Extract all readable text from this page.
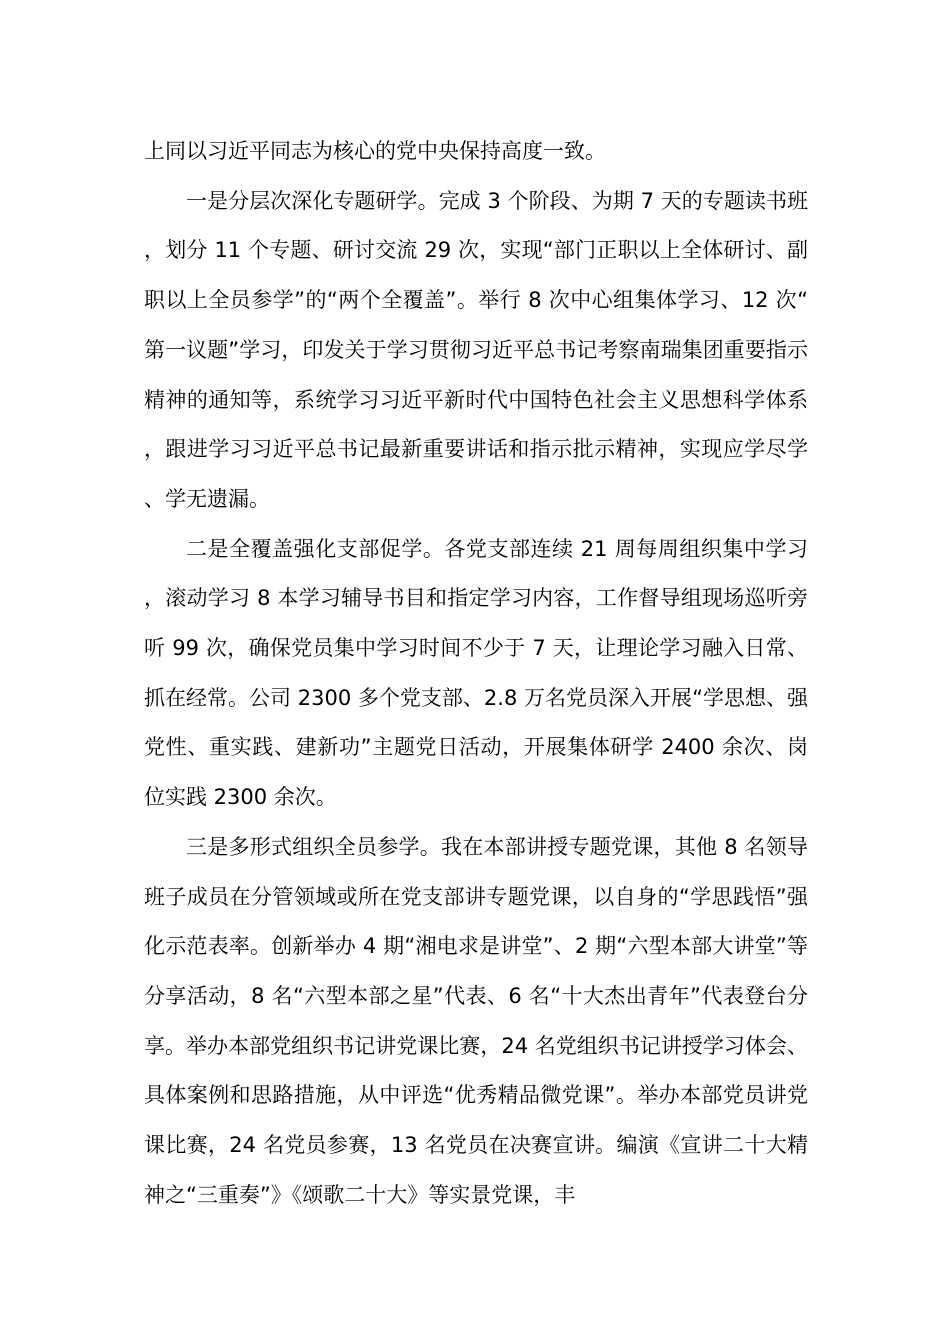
上同以习近平同志为核心的党中央保持高度一致。

一是分层次深化专题研学。完成 3 个阶段、为期 7 天的专题读书班，划分 11 个专题、研讨交流 29 次，实现“部门正职以上全体研讨、副职以上全员参学”的“两个全覆盖”。举行 8 次中心组集体学习、12 次“第一议题”学习，印发关于学习贯彻习近平总书记考察南瑞集团重要指示精神的通知等，系统学习习近平新时代中国特色社会主义思想科学体系，跟进学习习近平总书记最新重要讲话和指示批示精神，实现应学尽学、学无遗漏。

二是全覆盖强化支部促学。各党支部连续 21 周每周组织集中学习，滚动学习 8 本学习辅导书目和指定学习内容，工作督导组现场巡听旁听 99 次，确保党员集中学习时间不少于 7 天，让理论学习融入日常、抓在经常。公司 2300 多个党支部、2.8 万名党员深入开展“学思想、强党性、重实践、建新功”主题党日活动，开展集体研学 2400 余次、岗位实践 2300 余次。

三是多形式组织全员参学。我在本部讲授专题党课，其他 8 名领导班子成员在分管领域或所在党支部讲专题党课，以自身的“学思践悟”强化示范表率。创新举办 4 期“湘电求是讲堂”、2 期“六型本部大讲堂”等分享活动，8 名“六型本部之星”代表、6 名“十大杰出青年”代表登台分享。举办本部党组织书记讲党课比赛，24 名党组织书记讲授学习体会、具体案例和思路措施，从中评选“优秀精品微党课”。举办本部党员讲党课比赛，24 名党员参赛，13 名党员在决赛宣讲。编演《宣讲二十大精神之“三重奏”》《颂歌二十大》等实景党课，丰
